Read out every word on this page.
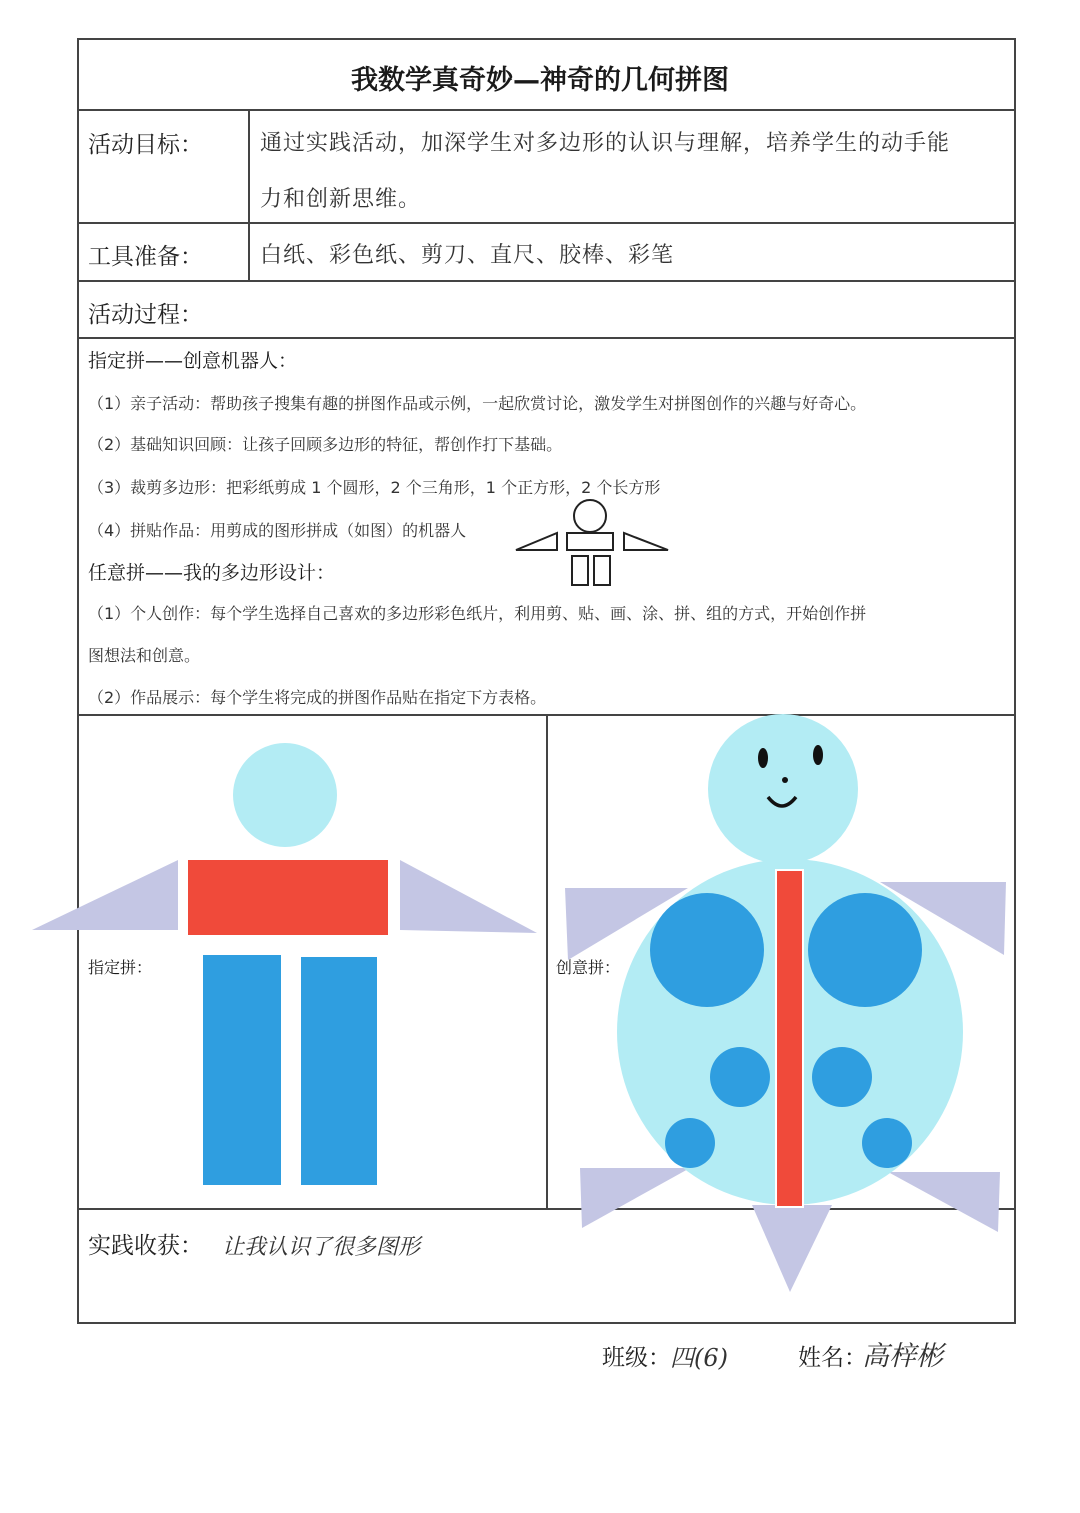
我数学真奇妙—神奇的几何拼图
活动目标：	通过实践活动，加深学生对多边形的认识与理解，培养学生的动手能
力和创新思维。
工具准备：	白纸、彩色纸、剪刀、直尺、胶棒、彩笔
活动过程：
指定拼——创意机器人：
（1）亲子活动：帮助孩子搜集有趣的拼图作品或示例，一起欣赏讨论，激发学生对拼图创作的兴趣与好奇心。
（2）基础知识回顾：让孩子回顾多边形的特征，帮创作打下基础。
（3）裁剪多边形：把彩纸剪成 1 个圆形，2 个三角形，1 个正方形，2 个长方形
（4）拼贴作品：用剪成的图形拼成（如图）的机器人
任意拼——我的多边形设计：
（1）个人创作：每个学生选择自己喜欢的多边形彩色纸片，利用剪、贴、画、涂、拼、组的方式，开始创作拼
图想法和创意。
（2）作品展示：每个学生将完成的拼图作品贴在指定下方表格。
指定拼：	创意拼：
实践收获： 让我认识了很多图形
班级： 四(6)	姓名：
高梓彬
